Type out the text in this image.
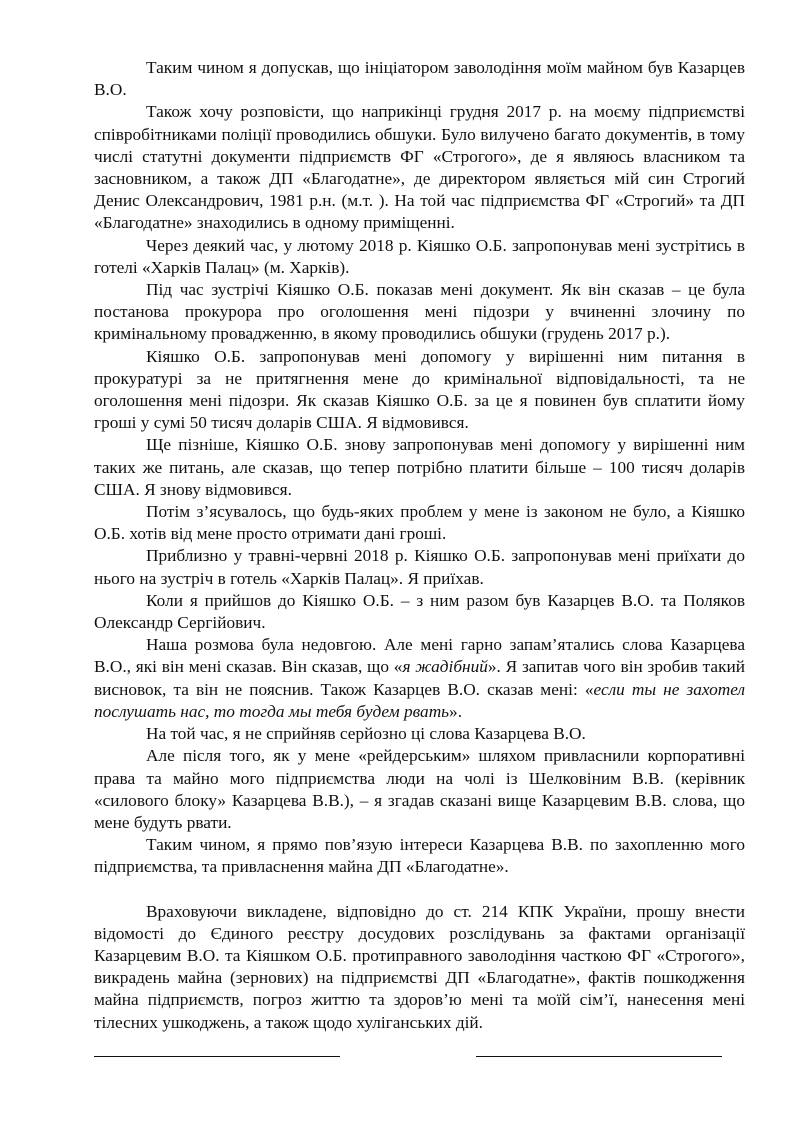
Таким чином я допускав, що ініціатором заволодіння моїм майном був Казарцев В.О.

Також хочу розповісти, що наприкінці грудня 2017 р. на моєму підприємстві співробітниками поліції проводились обшуки. Було вилучено багато документів, в тому числі статутні документи підприємств ФГ «Строгого», де я являюсь власником та засновником, а також ДП «Благодатне», де директором являється мій син Строгий Денис Олександрович, 1981 р.н. (м.т. ). На той час підприємства ФГ «Строгий» та ДП «Благодатне» знаходились в одному приміщенні.

Через деякий час, у лютому 2018 р. Кіяшко О.Б. запропонував мені зустрітись в готелі «Харків Палац» (м. Харків).

Під час зустрічі Кіяшко О.Б. показав мені документ. Як він сказав – це була постанова прокурора про оголошення мені підозри у вчиненні злочину по кримінальному провадженню, в якому проводились обшуки (грудень 2017 р.).

Кіяшко О.Б. запропонував мені допомогу у вирішенні ним питання в прокуратурі за не притягнення мене до кримінальної відповідальності, та не оголошення мені підозри. Як сказав Кіяшко О.Б. за це я повинен був сплатити йому гроші у сумі 50 тисяч доларів США. Я відмовився.

Ще пізніше, Кіяшко О.Б. знову запропонував мені допомогу у вирішенні ним таких же питань, але сказав, що тепер потрібно платити більше – 100 тисяч доларів США. Я знову відмовився.

Потім з’ясувалось, що будь-яких проблем у мене із законом не було, а Кіяшко О.Б. хотів від мене просто отримати дані гроші.

Приблизно у травні-червні 2018 р. Кіяшко О.Б. запропонував мені приїхати до нього на зустріч в готель «Харків Палац». Я приїхав.

Коли я прийшов до Кіяшко О.Б. – з ним разом був Казарцев В.О. та Поляков Олександр Сергійович.

Наша розмова була недовгою. Але мені гарно запам’ятались слова Казарцева В.О., які він мені сказав. Він сказав, що «я жадібний». Я запитав чого він зробив такий висновок, та він не пояснив. Також Казарцев В.О. сказав мені: «если ты не захотел послушать нас, то тогда мы тебя будем рвать».

На той час, я не сприйняв серйозно ці слова Казарцева В.О.

Але після того, як у мене «рейдерським» шляхом привласнили корпоративні права та майно мого підприємства люди на чолі із Шелковіним В.В. (керівник «силового блоку» Казарцева В.В.), – я згадав сказані вище Казарцевим В.В. слова, що мене будуть рвати.

Таким чином, я прямо пов’язую інтереси Казарцева В.В. по захопленню мого підприємства, та привласнення майна ДП «Благодатне».

Враховуючи викладене, відповідно до ст. 214 КПК України, прошу внести відомості до Єдиного реєстру досудових розслідувань за фактами організації Казарцевим В.О. та Кіяшком О.Б. протиправного заволодіння часткою ФГ «Строгого», викрадень майна (зернових) на підприємстві ДП «Благодатне», фактів пошкодження майна підприємств, погроз життю та здоров’ю мені та моїй сім’ї, нанесення мені тілесних ушкоджень, а також щодо хуліганських дій.
